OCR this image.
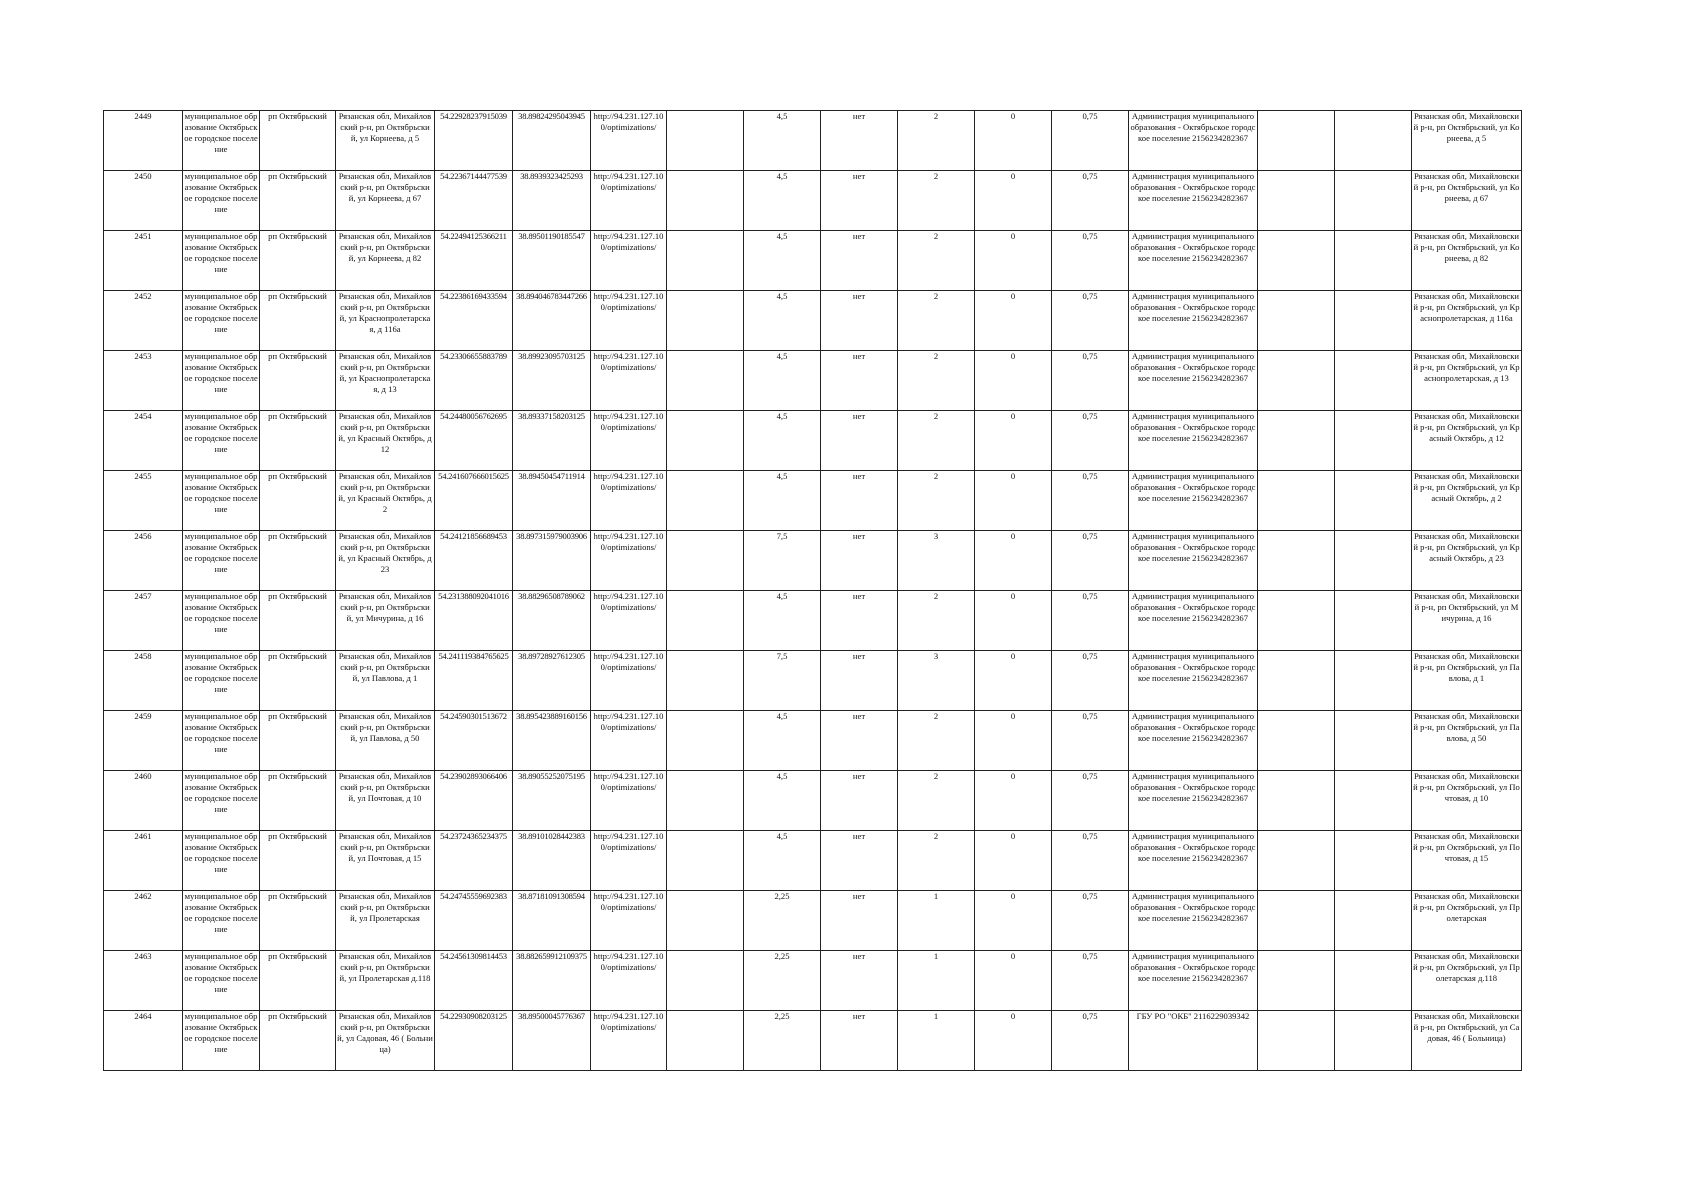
2449	муниципальное образование Октябрьское городское поселение	рп Октябрьский	Рязанская обл, Михайловский р-н, рп Октябрьский, ул Корнеева, д 5	54.22928237915039	38.89824295043945	http://94.231.127.100/optimizations/		4,5	нет	2	0	0,75	Администрация муниципального образования - Октябрьское городское поселение 2156234282367			Рязанская обл, Михайловский р-н, рп Октябрьский, ул Корнеева, д 5
2450	муниципальное образование Октябрьское городское поселение	рп Октябрьский	Рязанская обл, Михайловский р-н, рп Октябрьский, ул Корнеева, д 67	54.22367144477539	38.8939323425293	http://94.231.127.100/optimizations/		4,5	нет	2	0	0,75	Администрация муниципального образования - Октябрьское городское поселение 2156234282367			Рязанская обл, Михайловский р-н, рп Октябрьский, ул Корнеева, д 67
2451	муниципальное образование Октябрьское городское поселение	рп Октябрьский	Рязанская обл, Михайловский р-н, рп Октябрьский, ул Корнеева, д 82	54.22494125366211	38.89501190185547	http://94.231.127.100/optimizations/		4,5	нет	2	0	0,75	Администрация муниципального образования - Октябрьское городское поселение 2156234282367			Рязанская обл, Михайловский р-н, рп Октябрьский, ул Корнеева, д 82
2452	муниципальное образование Октябрьское городское поселение	рп Октябрьский	Рязанская обл, Михайловский р-н, рп Октябрьский, ул Краснопролетарская, д 116а	54.22386169433594	38.894046783447266	http://94.231.127.100/optimizations/		4,5	нет	2	0	0,75	Администрация муниципального образования - Октябрьское городское поселение 2156234282367			Рязанская обл, Михайловский р-н, рп Октябрьский, ул Краснопролетарская, д 116а
2453	муниципальное образование Октябрьское городское поселение	рп Октябрьский	Рязанская обл, Михайловский р-н, рп Октябрьский, ул Краснопролетарская, д 13	54.23306655883789	38.89923095703125	http://94.231.127.100/optimizations/		4,5	нет	2	0	0,75	Администрация муниципального образования - Октябрьское городское поселение 2156234282367			Рязанская обл, Михайловский р-н, рп Октябрьский, ул Краснопролетарская, д 13
2454	муниципальное образование Октябрьское городское поселение	рп Октябрьский	Рязанская обл, Михайловский р-н, рп Октябрьский, ул Красный Октябрь, д 12	54.24480056762695	38.89337158203125	http://94.231.127.100/optimizations/		4,5	нет	2	0	0,75	Администрация муниципального образования - Октябрьское городское поселение 2156234282367			Рязанская обл, Михайловский р-н, рп Октябрьский, ул Красный Октябрь, д 12
2455	муниципальное образование Октябрьское городское поселение	рп Октябрьский	Рязанская обл, Михайловский р-н, рп Октябрьский, ул Красный Октябрь, д 2	54.241607666015625	38.89450454711914	http://94.231.127.100/optimizations/		4,5	нет	2	0	0,75	Администрация муниципального образования - Октябрьское городское поселение 2156234282367			Рязанская обл, Михайловский р-н, рп Октябрьский, ул Красный Октябрь, д 2
2456	муниципальное образование Октябрьское городское поселение	рп Октябрьский	Рязанская обл, Михайловский р-н, рп Октябрьский, ул Красный Октябрь, д 23	54.24121856689453	38.897315979003906	http://94.231.127.100/optimizations/		7,5	нет	3	0	0,75	Администрация муниципального образования - Октябрьское городское поселение 2156234282367			Рязанская обл, Михайловский р-н, рп Октябрьский, ул Красный Октябрь, д 23
2457	муниципальное образование Октябрьское городское поселение	рп Октябрьский	Рязанская обл, Михайловский р-н, рп Октябрьский, ул Мичурина, д 16	54.231388092041016	38.88296508789062	http://94.231.127.100/optimizations/		4,5	нет	2	0	0,75	Администрация муниципального образования - Октябрьское городское поселение 2156234282367			Рязанская обл, Михайловский р-н, рп Октябрьский, ул Мичурина, д 16
2458	муниципальное образование Октябрьское городское поселение	рп Октябрьский	Рязанская обл, Михайловский р-н, рп Октябрьский, ул Павлова, д 1	54.241119384765625	38.89728927612305	http://94.231.127.100/optimizations/		7,5	нет	3	0	0,75	Администрация муниципального образования - Октябрьское городское поселение 2156234282367			Рязанская обл, Михайловский р-н, рп Октябрьский, ул Павлова, д 1
2459	муниципальное образование Октябрьское городское поселение	рп Октябрьский	Рязанская обл, Михайловский р-н, рп Октябрьский, ул Павлова, д 50	54.24590301513672	38.895423889160156	http://94.231.127.100/optimizations/		4,5	нет	2	0	0,75	Администрация муниципального образования - Октябрьское городское поселение 2156234282367			Рязанская обл, Михайловский р-н, рп Октябрьский, ул Павлова, д 50
2460	муниципальное образование Октябрьское городское поселение	рп Октябрьский	Рязанская обл, Михайловский р-н, рп Октябрьский, ул Почтовая, д 10	54.23902893066406	38.89055252075195	http://94.231.127.100/optimizations/		4,5	нет	2	0	0,75	Администрация муниципального образования - Октябрьское городское поселение 2156234282367			Рязанская обл, Михайловский р-н, рп Октябрьский, ул Почтовая, д 10
2461	муниципальное образование Октябрьское городское поселение	рп Октябрьский	Рязанская обл, Михайловский р-н, рп Октябрьский, ул Почтовая, д 15	54.23724365234375	38.89101028442383	http://94.231.127.100/optimizations/		4,5	нет	2	0	0,75	Администрация муниципального образования - Октябрьское городское поселение 2156234282367			Рязанская обл, Михайловский р-н, рп Октябрьский, ул Почтовая, д 15
2462	муниципальное образование Октябрьское городское поселение	рп Октябрьский	Рязанская обл, Михайловский р-н, рп Октябрьский, ул Пролетарская	54.24745559692383	38.87181091308594	http://94.231.127.100/optimizations/		2,25	нет	1	0	0,75	Администрация муниципального образования - Октябрьское городское поселение 2156234282367			Рязанская обл, Михайловский р-н, рп Октябрьский, ул Пролетарская
2463	муниципальное образование Октябрьское городское поселение	рп Октябрьский	Рязанская обл, Михайловский р-н, рп Октябрьский, ул Пролетарская д.118	54.24561309814453	38.882659912109375	http://94.231.127.100/optimizations/		2,25	нет	1	0	0,75	Администрация муниципального образования - Октябрьское городское поселение 2156234282367			Рязанская обл, Михайловский р-н, рп Октябрьский, ул Пролетарская д.118
2464	муниципальное образование Октябрьское городское поселение	рп Октябрьский	Рязанская обл, Михайловский р-н, рп Октябрьский, ул Садовая, 46 ( Больница)	54.22930908203125	38.89500045776367	http://94.231.127.100/optimizations/		2,25	нет	1	0	0,75	ГБУ РО "ОКБ" 2116229039342			Рязанская обл, Михайловский р-н, рп Октябрьский, ул Садовая, 46 ( Больница)
